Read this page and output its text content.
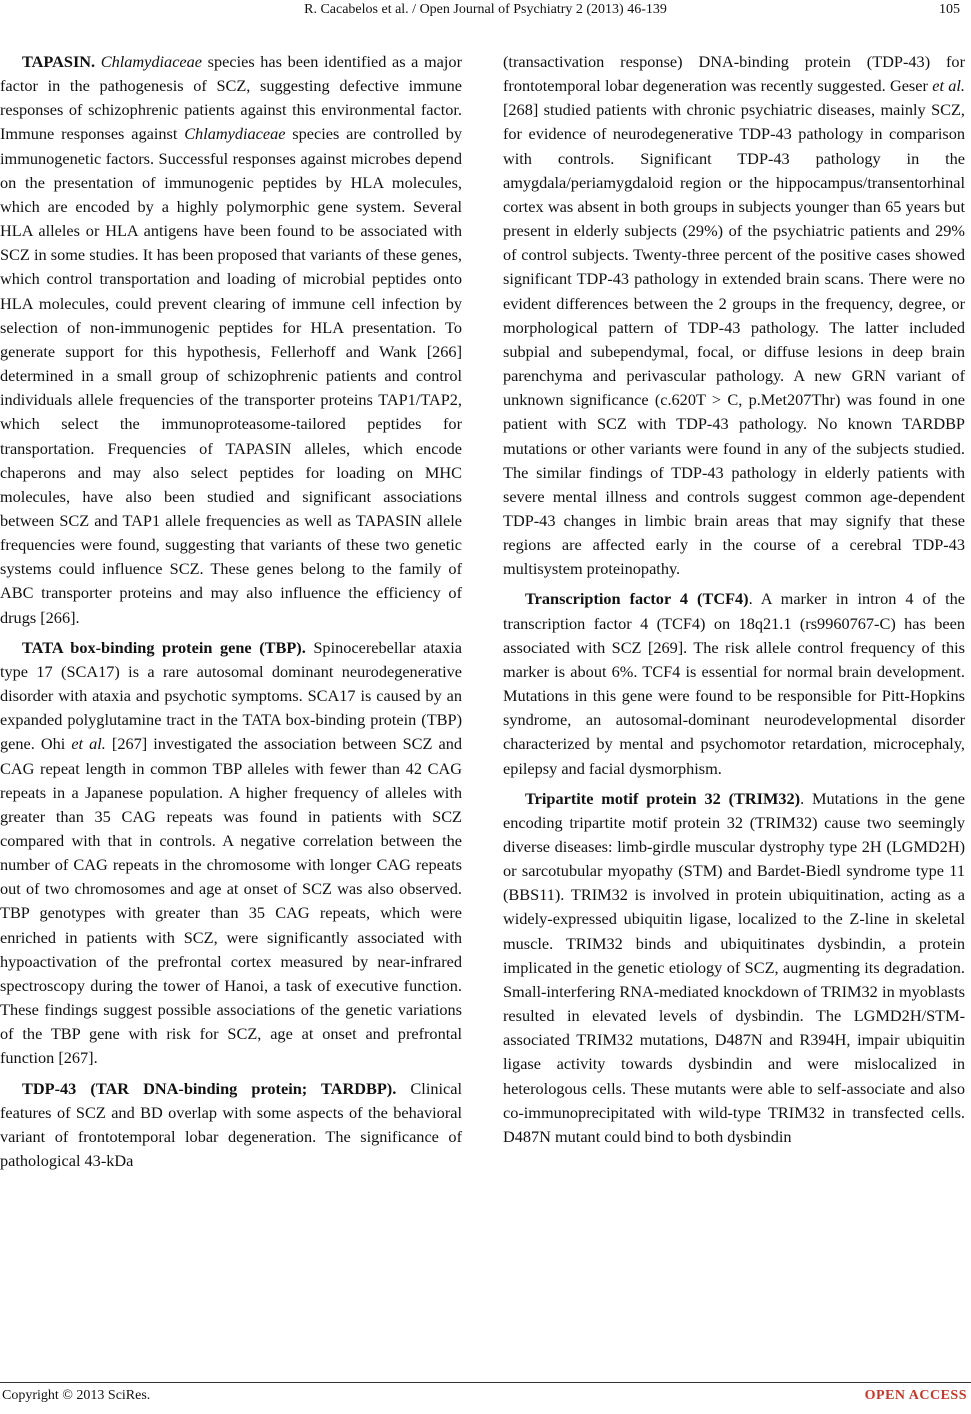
R. Cacabelos et al. / Open Journal of Psychiatry 2 (2013) 46-139	105

TAPASIN. Chlamydiaceae species has been identified as a major factor in the pathogenesis of SCZ, suggesting defective immune responses of schizophrenic patients against this environmental factor. Immune responses against Chlamydiaceae species are controlled by immunogenetic factors. Successful responses against microbes depend on the presentation of immunogenic peptides by HLA molecules, which are encoded by a highly polymorphic gene system. Several HLA alleles or HLA antigens have been found to be associated with SCZ in some studies. It has been proposed that variants of these genes, which control transportation and loading of microbial peptides onto HLA molecules, could prevent clearing of immune cell infection by selection of non-immunogenic peptides for HLA presentation. To generate support for this hypothesis, Fellerhoff and Wank [266] determined in a small group of schizophrenic patients and control individuals allele frequencies of the transporter proteins TAP1/TAP2, which select the immunoproteasome-tailored peptides for transportation. Frequencies of TAPASIN alleles, which encode chaperons and may also select peptides for loading on MHC molecules, have also been studied and significant associations between SCZ and TAP1 allele frequencies as well as TAPASIN allele frequencies were found, suggesting that variants of these two genetic systems could influence SCZ. These genes belong to the family of ABC transporter proteins and may also influence the efficiency of drugs [266].

TATA box-binding protein gene (TBP). Spinocerebellar ataxia type 17 (SCA17) is a rare autosomal dominant neurodegenerative disorder with ataxia and psychotic symptoms. SCA17 is caused by an expanded polyglutamine tract in the TATA box-binding protein (TBP) gene. Ohi et al. [267] investigated the association between SCZ and CAG repeat length in common TBP alleles with fewer than 42 CAG repeats in a Japanese population. A higher frequency of alleles with greater than 35 CAG repeats was found in patients with SCZ compared with that in controls. A negative correlation between the number of CAG repeats in the chromosome with longer CAG repeats out of two chromosomes and age at onset of SCZ was also observed. TBP genotypes with greater than 35 CAG repeats, which were enriched in patients with SCZ, were significantly associated with hypoactivation of the prefrontal cortex measured by near-infrared spectroscopy during the tower of Hanoi, a task of executive function. These findings suggest possible associations of the genetic variations of the TBP gene with risk for SCZ, age at onset and prefrontal function [267].

TDP-43 (TAR DNA-binding protein; TARDBP). Clinical features of SCZ and BD overlap with some aspects of the behavioral variant of frontotemporal lobar degeneration. The significance of pathological 43-kDa

(transactivation response) DNA-binding protein (TDP-43) for frontotemporal lobar degeneration was recently suggested. Geser et al. [268] studied patients with chronic psychiatric diseases, mainly SCZ, for evidence of neurodegenerative TDP-43 pathology in comparison with controls. Significant TDP-43 pathology in the amygdala/periamygdaloid region or the hippocampus/transentorhinal cortex was absent in both groups in subjects younger than 65 years but present in elderly subjects (29%) of the psychiatric patients and 29% of control subjects. Twenty-three percent of the positive cases showed significant TDP-43 pathology in extended brain scans. There were no evident differences between the 2 groups in the frequency, degree, or morphological pattern of TDP-43 pathology. The latter included subpial and subependymal, focal, or diffuse lesions in deep brain parenchyma and perivascular pathology. A new GRN variant of unknown significance (c.620T > C, p.Met207Thr) was found in one patient with SCZ with TDP-43 pathology. No known TARDBP mutations or other variants were found in any of the subjects studied. The similar findings of TDP-43 pathology in elderly patients with severe mental illness and controls suggest common age-dependent TDP-43 changes in limbic brain areas that may signify that these regions are affected early in the course of a cerebral TDP-43 multisystem proteinopathy.

Transcription factor 4 (TCF4). A marker in intron 4 of the transcription factor 4 (TCF4) on 18q21.1 (rs9960767-C) has been associated with SCZ [269]. The risk allele control frequency of this marker is about 6%. TCF4 is essential for normal brain development. Mutations in this gene were found to be responsible for Pitt-Hopkins syndrome, an autosomal-dominant neurodevelopmental disorder characterized by mental and psychomotor retardation, microcephaly, epilepsy and facial dysmorphism.

Tripartite motif protein 32 (TRIM32). Mutations in the gene encoding tripartite motif protein 32 (TRIM32) cause two seemingly diverse diseases: limb-girdle muscular dystrophy type 2H (LGMD2H) or sarcotubular myopathy (STM) and Bardet-Biedl syndrome type 11 (BBS11). TRIM32 is involved in protein ubiquitination, acting as a widely-expressed ubiquitin ligase, localized to the Z-line in skeletal muscle. TRIM32 binds and ubiquitinates dysbindin, a protein implicated in the genetic etiology of SCZ, augmenting its degradation. Small-interfering RNA-mediated knockdown of TRIM32 in myoblasts resulted in elevated levels of dysbindin. The LGMD2H/STM-associated TRIM32 mutations, D487N and R394H, impair ubiquitin ligase activity towards dysbindin and were mislocalized in heterologous cells. These mutants were able to self-associate and also co-immunoprecipitated with wild-type TRIM32 in transfected cells. D487N mutant could bind to both dysbindin

Copyright © 2013 SciRes.	OPEN ACCESS
